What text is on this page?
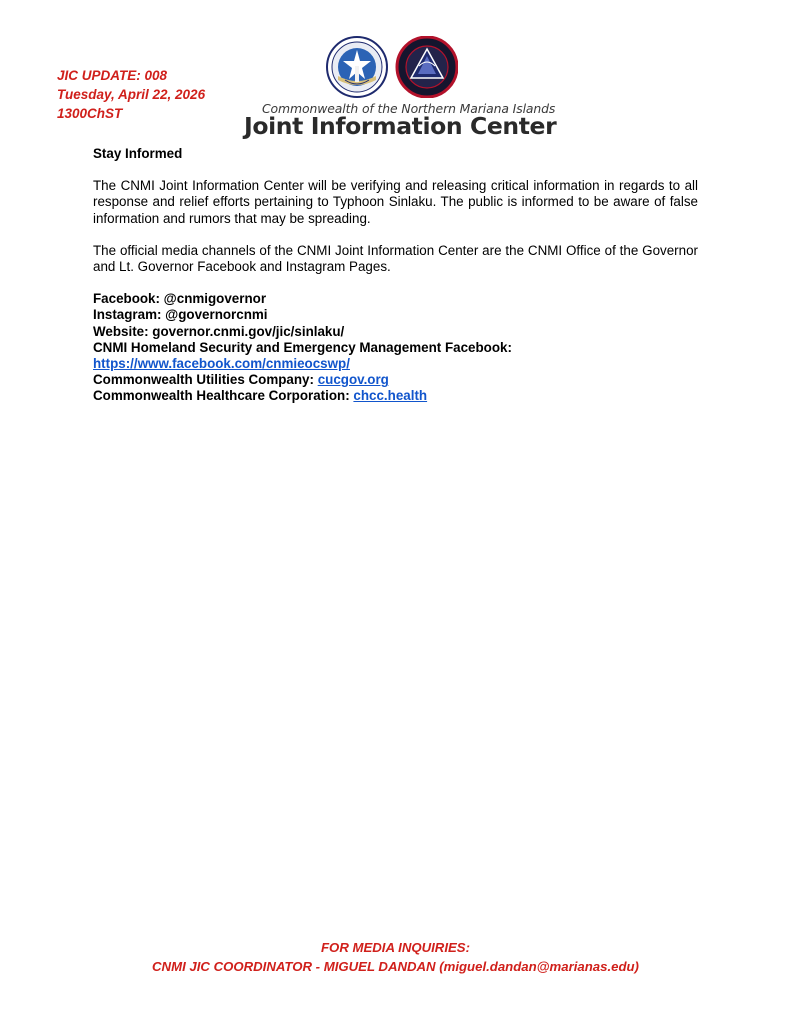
JIC UPDATE: 008
Tuesday, April 22, 2026
1300ChST	Commonwealth of the Northern Mariana Islands
Joint Information Center
Stay Informed
The CNMI Joint Information Center will be verifying and releasing critical information in regards to all response and relief efforts pertaining to Typhoon Sinlaku. The public is informed to be aware of false information and rumors that may be spreading.
The official media channels of the CNMI Joint Information Center are the CNMI Office of the Governor and Lt. Governor Facebook and Instagram Pages.
Facebook: @cnmigovernor
Instagram: @governorcnmi
Website: governor.cnmi.gov/jic/sinlaku/
CNMI Homeland Security and Emergency Management Facebook:
https://www.facebook.com/cnmieocswp/
Commonwealth Utilities Company: cucgov.org
Commonwealth Healthcare Corporation: chcc.health
FOR MEDIA INQUIRIES:
CNMI JIC COORDINATOR - MIGUEL DANDAN (miguel.dandan@marianas.edu)
